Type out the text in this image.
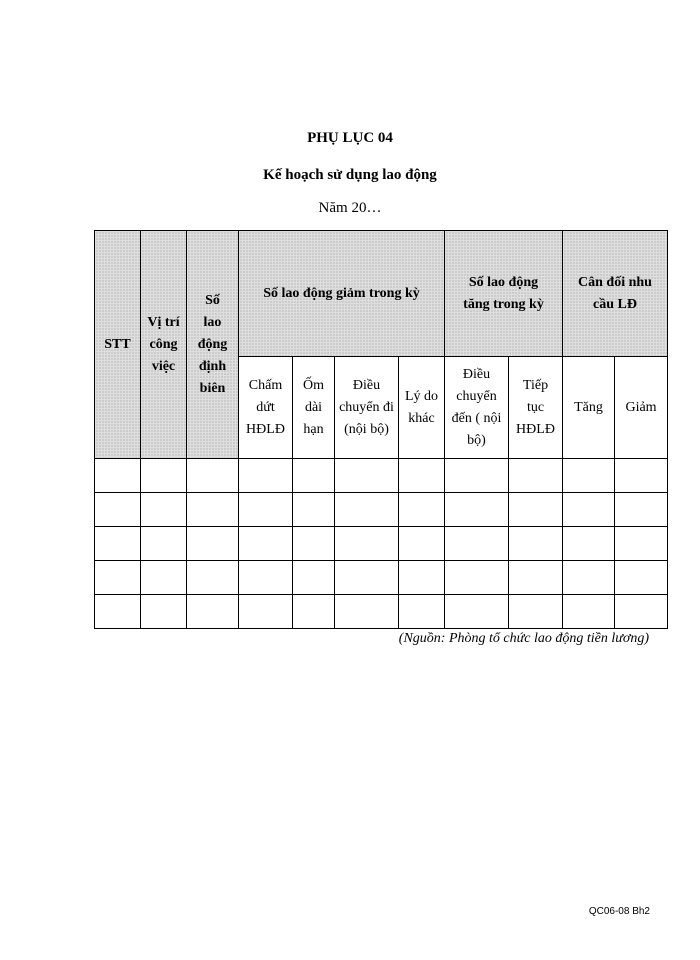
PHỤ LỤC 04
Kế hoạch sử dụng lao động
Năm 20…
STT	Vị trí công việc	Số lao động định biên	Số lao động giảm trong kỳ				Số lao động tăng trong kỳ		Cân đối nhu cầu LĐ	
			Chấm dứt HĐLĐ	Ốm dài hạn	Điều chuyển đi (nội bộ)	Lý do khác	Điều chuyển đến ( nội bộ)	Tiếp tục HĐLĐ	Tăng	Giảm

(Nguồn: Phòng tổ chức lao động tiền lương)
QC06-08 Bh2
